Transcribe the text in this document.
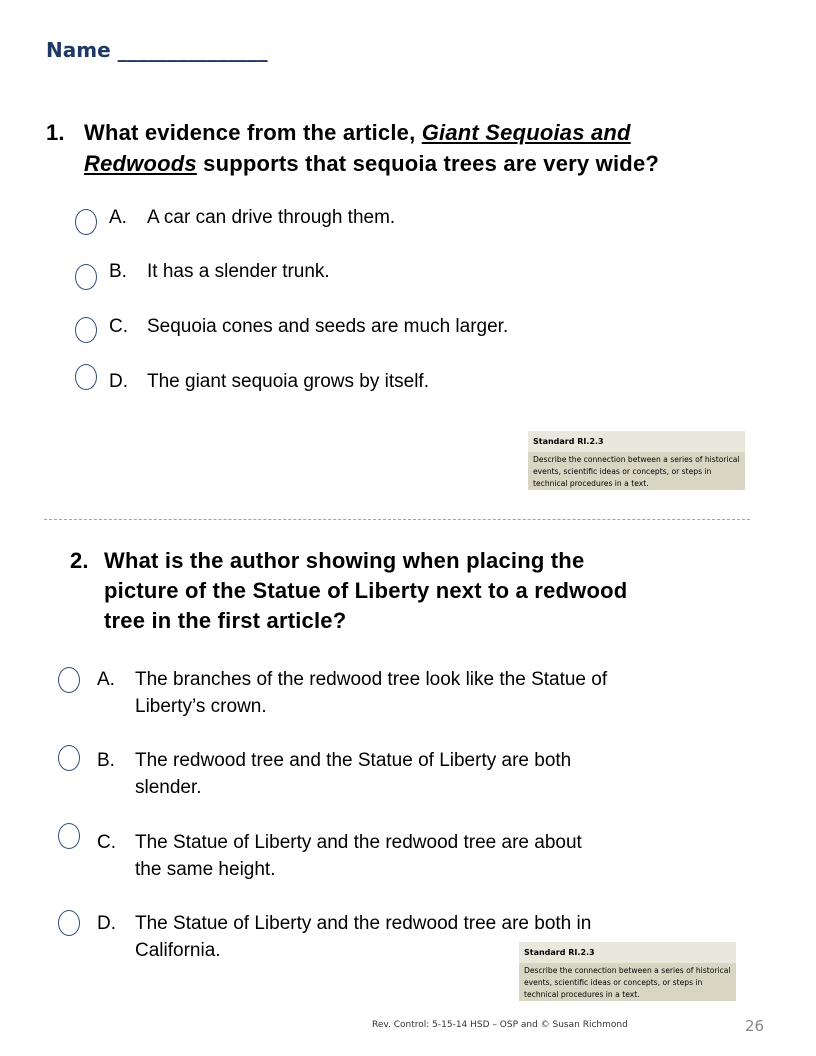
Name _______________
1. What evidence from the article, Giant Sequoias and
Redwoods supports that sequoia trees are very wide?
A. A car can drive through them.
B. It has a slender trunk.
C. Sequoia cones and seeds are much larger.
D. The giant sequoia grows by itself.
Standard RI.2.3
Describe the connection between a series of historical events, scientific ideas or concepts, or steps in technical procedures in a text.
2. What is the author showing when placing the
picture of the Statue of Liberty next to a redwood
tree in the first article?
A. The branches of the redwood tree look like the Statue of
Liberty’s crown.
B. The redwood tree and the Statue of Liberty are both
slender.
C. The Statue of Liberty and the redwood tree are about
the same height.
D. The Statue of Liberty and the redwood tree are both in
California.	Standard RI.2.3
Describe the connection between a series of historical events, scientific ideas or concepts, or steps in technical procedures in a text.
Rev. Control: 5-15-14 HSD – OSP and © Susan Richmond	26
